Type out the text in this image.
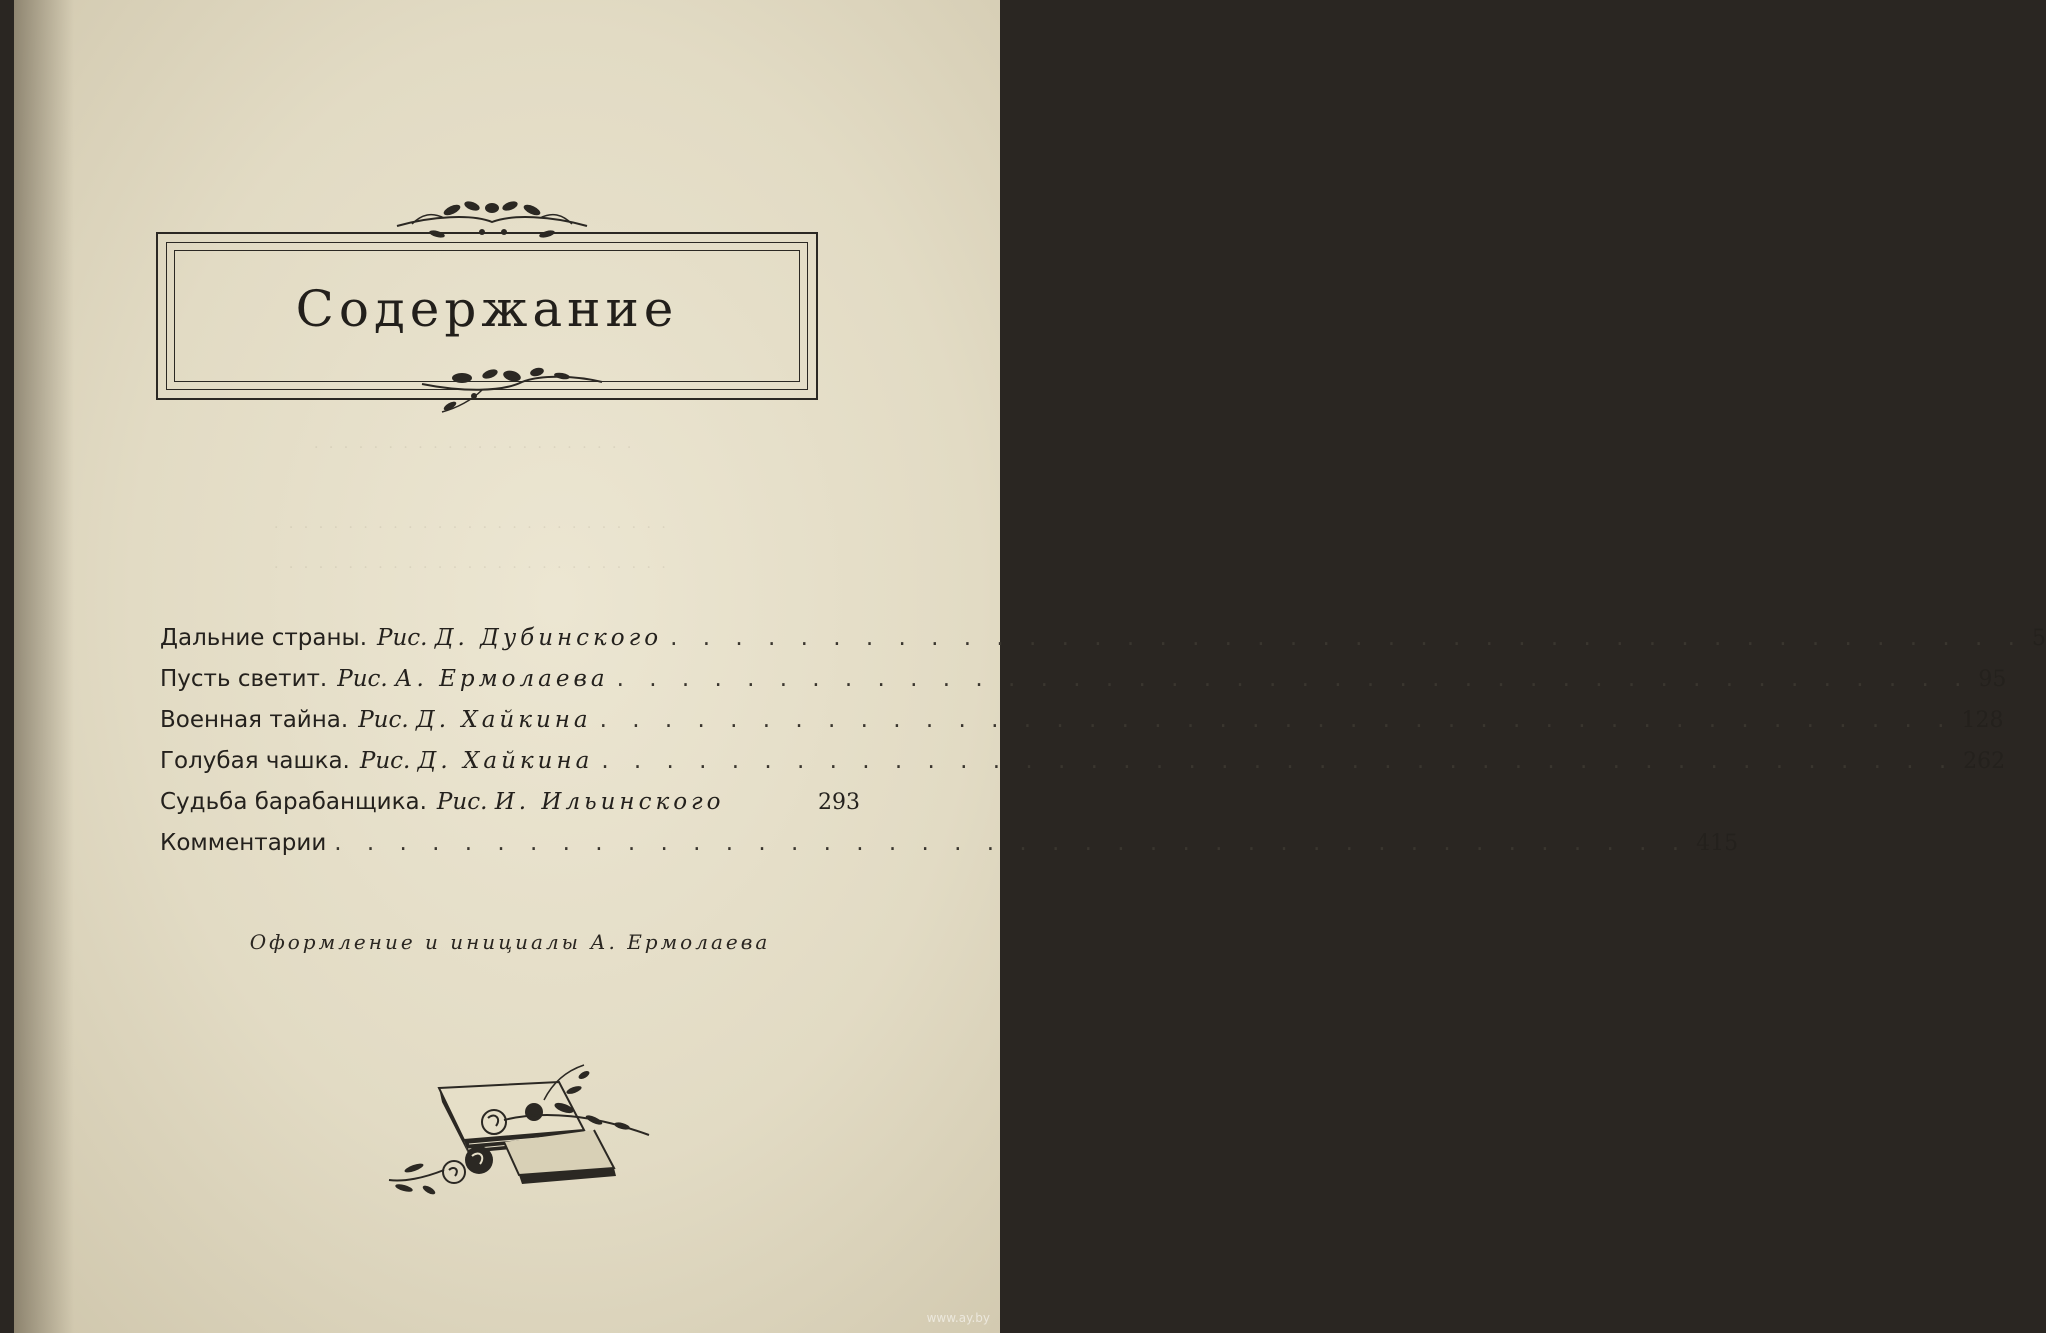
Содержание
· · · · · · · · · · · · · · · · · · · · · ·
· · · · · · · · · · · · · · · · · · · · · · · · · · ·
· · · · · · · · · · · · · · · · · · · · · · · · · · ·
Дальние страны. Рис. Д. Дубинского . . . . . . . . . . . . . . . . . . . . . . . . . . . . . . . . . . . . . . . . . . 5
Пусть светит. Рис. А. Ермолаева . . . . . . . . . . . . . . . . . . . . . . . . . . . . . . . . . . . . . . . . . . 95
Военная тайна. Рис. Д. Хайкина . . . . . . . . . . . . . . . . . . . . . . . . . . . . . . . . . . . . . . . . . . 128
Голубая чашка. Рис. Д. Хайкина . . . . . . . . . . . . . . . . . . . . . . . . . . . . . . . . . . . . . . . . . . 262
Судьба барабанщика. Рис. И. Ильинского	293
Комментарии . . . . . . . . . . . . . . . . . . . . . . . . . . . . . . . . . . . . . . . . . . 415
Оформление и инициалы А. Ермолаева
www.ay.by
